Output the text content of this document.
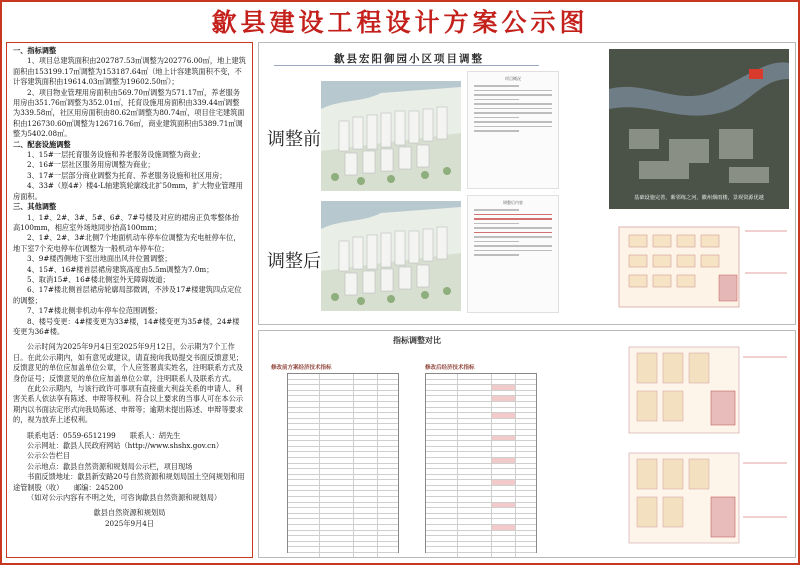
歙县建设工程设计方案公示图

一、指标调整

1、项目总建筑面积由202787.53㎡调整为202776.00㎡，地上建筑面积由153199.17㎡调整为153187.64㎡（地上计容建筑面积不变，不计容建筑面积由19614.03㎡调整为19602.50㎡）；

2、项目物业管理用房面积由569.70㎡调整为571.17㎡，养老服务用房由351.76㎡调整为352.01㎡，托育设施用房面积由339.44㎡调整为339.58㎡，社区用房面积由80.62㎡调整为80.74㎡，项目住宅建筑面积由126730.60㎡调整为126716.76㎡，商业建筑面积由5389.71㎡调整为5402.08㎡。

二、配套设施调整

1、15#一层托育服务设施和养老服务设施调整为商业；

2、16#一层社区服务用房调整为商业；

3、17#一层部分商业调整为托育、养老服务设施和社区用房；

4、33#（原4#）楼4-L轴建筑轮廓线北扩50mm，扩大物业管理用房面积。

三、其他调整

1、1#、2#、3#、5#、6#、7#号楼及对应的裙房正负零整体抬高100mm，相应室外场地同步抬高100mm；

2、1#、2#、3#北侧7个地面机动车停车位调整为充电桩停车位，地下室7个充电停车位调整为一般机动车停车位；

3、9#楼西侧地下室出地面出风井位置调整；

4、15#、16#楼首层裙房建筑高度由5.5m调整为7.0m；

5、取消15#、16#楼北侧室外无障碍坡道；

6、17#楼北侧首层裙房轮廓局部微调，不涉及17#楼建筑四点定位的调整；

7、17#楼北侧非机动车停车位范围调整；

8、楼号变更：4#楼变更为33#楼，14#楼变更为35#楼，24#楼变更为36#楼。

公示时间为2025年9月4日至2025年9月12日，公示期为7个工作日。在此公示期内，如有意见或建议，请直接向我局提交书面反馈意见；反馈意见的单位应加盖单位公章，个人应签署真实姓名，注明联系方式及身份证号；反馈意见的单位应加盖单位公章，注明联系人及联系方式。

在此公示期内，与该行政许可事项有直接重大利益关系的申请人、利害关系人依法享有陈述、申辩等权利。符合以上要求的当事人可在本公示期内以书面法定形式向我局陈述、申辩等；逾期未提出陈述、申辩等要求的，视为放弃上述权利。

联系电话：0559-6512199　　联系人：胡先生

公示网址：歙县人民政府网站（http://www.shshx.gov.cn）

公示公告栏目

公示地点：歙县自然资源和规划局公示栏，项目现场

书面反馈地址：歙县新安路20号自然资源和规划局国土空间规划和用途管制股（收）　　邮编：245200

（如对公示内容有不明之处，可咨询歙县自然资源和规划局）

歙县自然资源和规划局

2025年9月4日

歙县宏阳御园小区项目调整
调整前
调整后
项目概况
调整后内容
基础设施完善，紫邻练之河，徽州烟雨楼，景观资源优越
指标调整对比
修改前方案经济技术指标	修改后经济技术指标
